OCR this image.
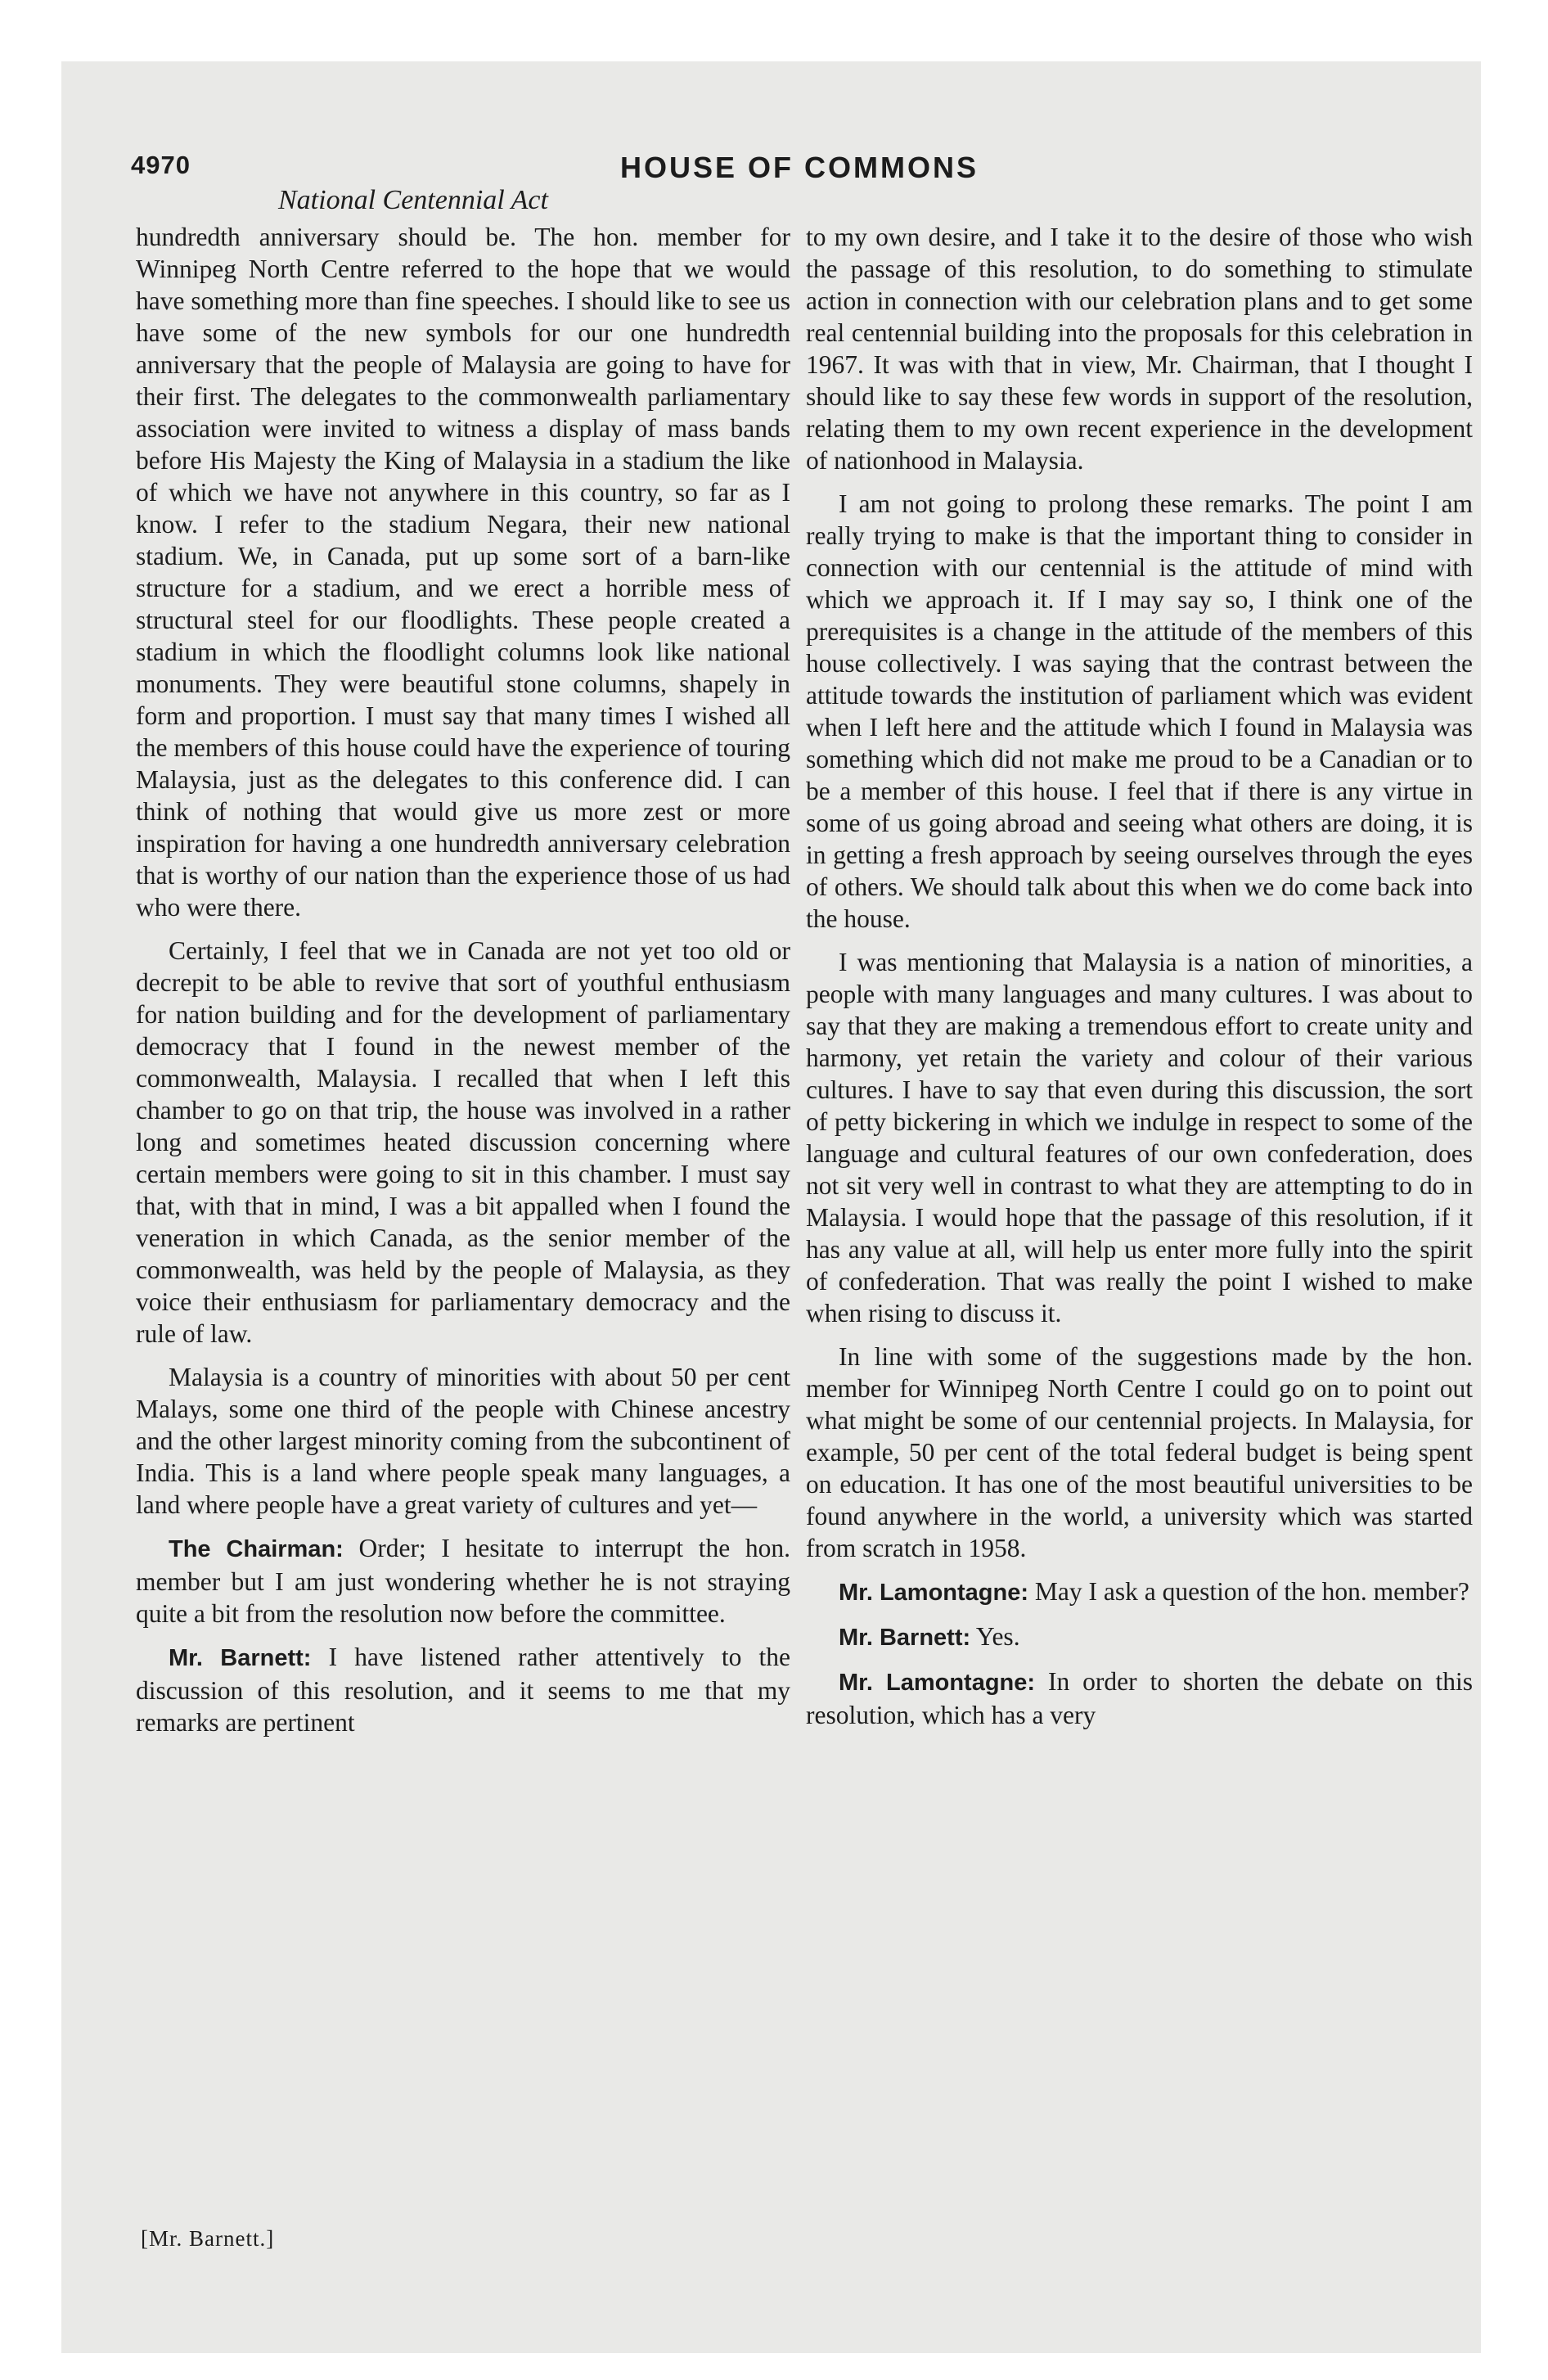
4970	HOUSE OF COMMONS
National Centennial Act

hundredth anniversary should be. The hon. member for Winnipeg North Centre referred to the hope that we would have something more than fine speeches. I should like to see us have some of the new symbols for our one hundredth anniversary that the people of Malaysia are going to have for their first. The delegates to the commonwealth parliamentary association were invited to witness a display of mass bands before His Majesty the King of Malaysia in a stadium the like of which we have not anywhere in this country, so far as I know. I refer to the stadium Negara, their new national stadium. We, in Canada, put up some sort of a barn-like structure for a stadium, and we erect a horrible mess of structural steel for our floodlights. These people created a stadium in which the floodlight columns look like national monuments. They were beautiful stone columns, shapely in form and proportion. I must say that many times I wished all the members of this house could have the experience of touring Malaysia, just as the delegates to this conference did. I can think of nothing that would give us more zest or more inspiration for having a one hundredth anniversary celebration that is worthy of our nation than the experience those of us had who were there.

Certainly, I feel that we in Canada are not yet too old or decrepit to be able to revive that sort of youthful enthusiasm for nation building and for the development of parliamentary democracy that I found in the newest member of the commonwealth, Malaysia. I recalled that when I left this chamber to go on that trip, the house was involved in a rather long and sometimes heated discussion concerning where certain members were going to sit in this chamber. I must say that, with that in mind, I was a bit appalled when I found the veneration in which Canada, as the senior member of the commonwealth, was held by the people of Malaysia, as they voice their enthusiasm for parliamentary democracy and the rule of law.

Malaysia is a country of minorities with about 50 per cent Malays, some one third of the people with Chinese ancestry and the other largest minority coming from the subcontinent of India. This is a land where people speak many languages, a land where people have a great variety of cultures and yet—

The Chairman: Order; I hesitate to interrupt the hon. member but I am just wondering whether he is not straying quite a bit from the resolution now before the committee.

Mr. Barnett: I have listened rather attentively to the discussion of this resolution, and it seems to me that my remarks are pertinent

to my own desire, and I take it to the desire of those who wish the passage of this resolution, to do something to stimulate action in connection with our celebration plans and to get some real centennial building into the proposals for this celebration in 1967. It was with that in view, Mr. Chairman, that I thought I should like to say these few words in support of the resolution, relating them to my own recent experience in the development of nationhood in Malaysia.

I am not going to prolong these remarks. The point I am really trying to make is that the important thing to consider in connection with our centennial is the attitude of mind with which we approach it. If I may say so, I think one of the prerequisites is a change in the attitude of the members of this house collectively. I was saying that the contrast between the attitude towards the institution of parliament which was evident when I left here and the attitude which I found in Malaysia was something which did not make me proud to be a Canadian or to be a member of this house. I feel that if there is any virtue in some of us going abroad and seeing what others are doing, it is in getting a fresh approach by seeing ourselves through the eyes of others. We should talk about this when we do come back into the house.

I was mentioning that Malaysia is a nation of minorities, a people with many languages and many cultures. I was about to say that they are making a tremendous effort to create unity and harmony, yet retain the variety and colour of their various cultures. I have to say that even during this discussion, the sort of petty bickering in which we indulge in respect to some of the language and cultural features of our own confederation, does not sit very well in contrast to what they are attempting to do in Malaysia. I would hope that the passage of this resolution, if it has any value at all, will help us enter more fully into the spirit of confederation. That was really the point I wished to make when rising to discuss it.

In line with some of the suggestions made by the hon. member for Winnipeg North Centre I could go on to point out what might be some of our centennial projects. In Malaysia, for example, 50 per cent of the total federal budget is being spent on education. It has one of the most beautiful universities to be found anywhere in the world, a university which was started from scratch in 1958.

Mr. Lamontagne: May I ask a question of the hon. member?

Mr. Barnett: Yes.

Mr. Lamontagne: In order to shorten the debate on this resolution, which has a very

[Mr. Barnett.]
